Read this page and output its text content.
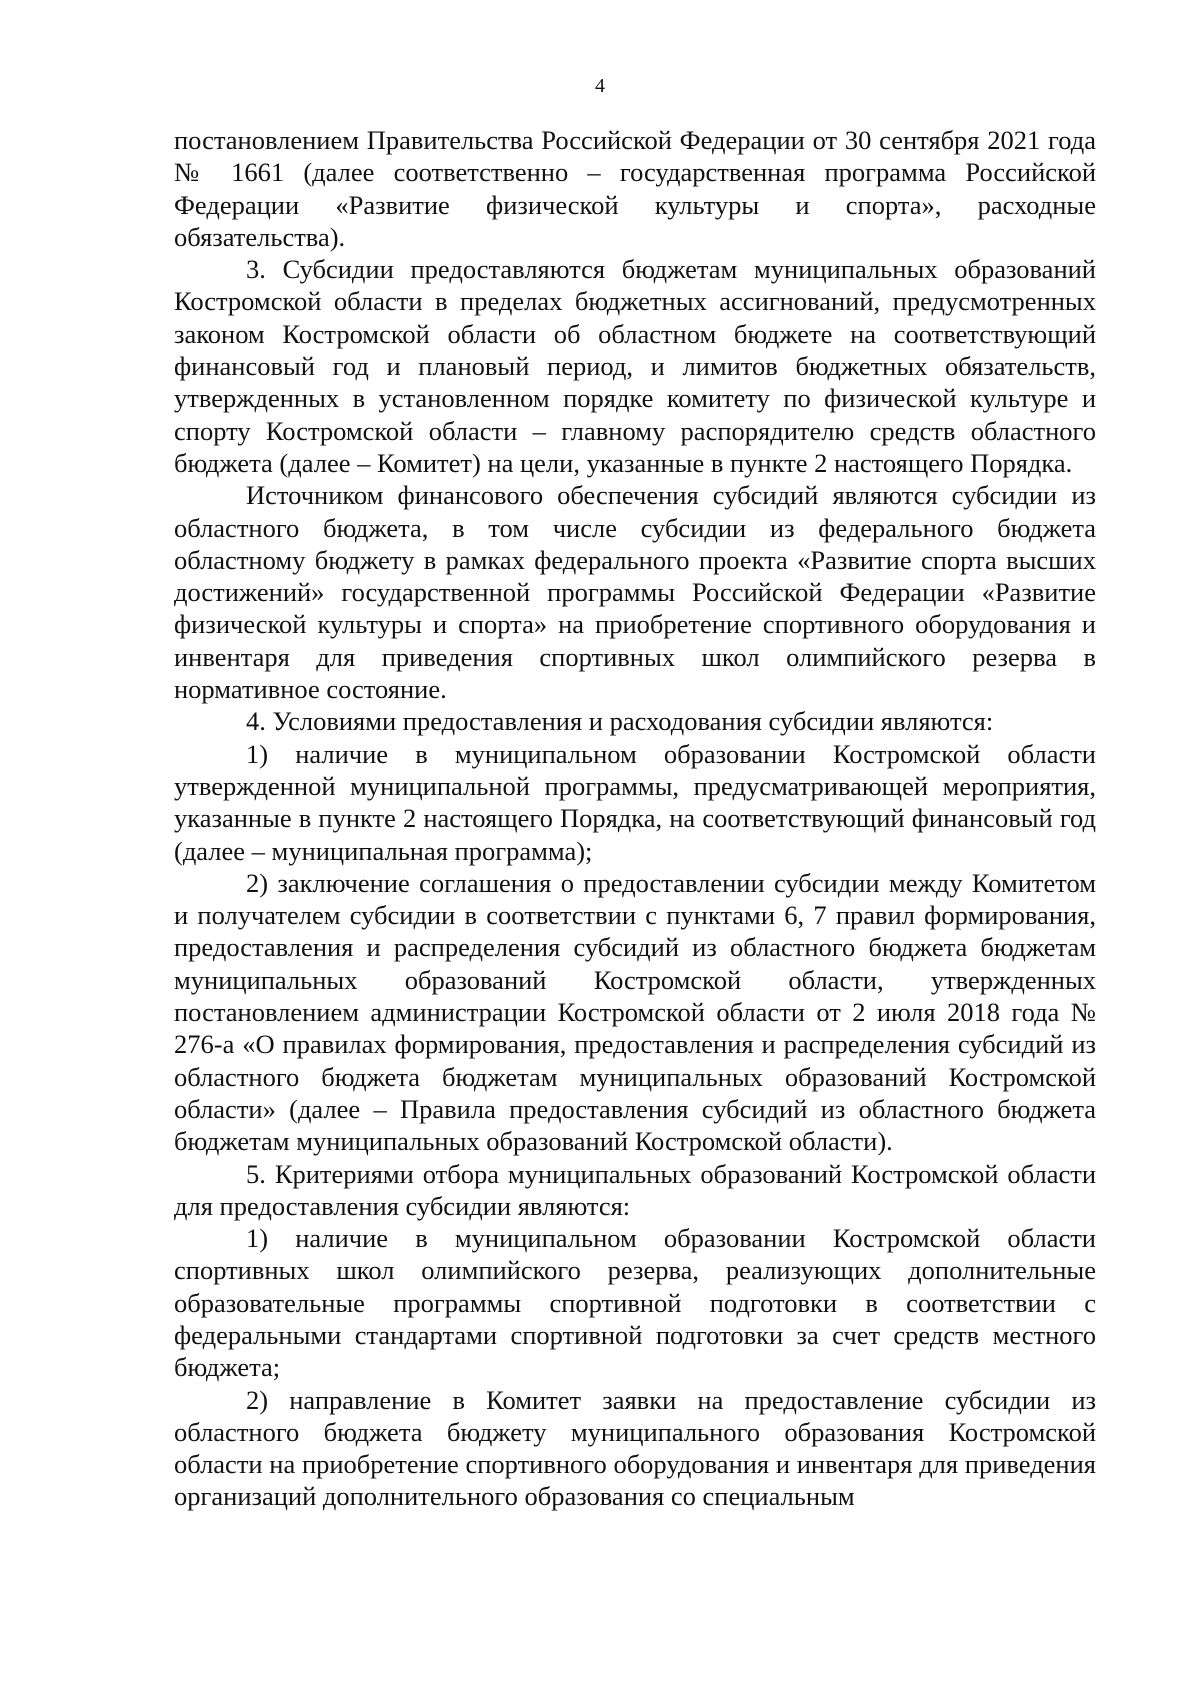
4

постановлением Правительства Российской Федерации от 30 сентября 2021 года № 1661 (далее соответственно – государственная программа Российской Федерации «Развитие физической культуры и спорта», расходные обязательства).

3. Субсидии предоставляются бюджетам муниципальных образований Костромской области в пределах бюджетных ассигнований, предусмотренных законом Костромской области об областном бюджете на соответствующий финансовый год и плановый период, и лимитов бюджетных обязательств, утвержденных в установленном порядке комитету по физической культуре и спорту Костромской области – главному распорядителю средств областного бюджета (далее – Комитет) на цели, указанные в пункте 2 настоящего Порядка.

Источником финансового обеспечения субсидий являются субсидии из областного бюджета, в том числе субсидии из федерального бюджета областному бюджету в рамках федерального проекта «Развитие спорта высших достижений» государственной программы Российской Федерации «Развитие физической культуры и спорта» на приобретение спортивного оборудования и инвентаря для приведения спортивных школ олимпийского резерва в нормативное состояние.

4. Условиями предоставления и расходования субсидии являются:

1) наличие в муниципальном образовании Костромской области утвержденной муниципальной программы, предусматривающей мероприятия, указанные в пункте 2 настоящего Порядка, на соответствующий финансовый год (далее – муниципальная программа);

2) заключение соглашения о предоставлении субсидии между Комитетом и получателем субсидии в соответствии с пунктами 6, 7 правил формирования, предоставления и распределения субсидий из областного бюджета бюджетам муниципальных образований Костромской области, утвержденных постановлением администрации Костромской области от 2 июля 2018 года № 276-а «О правилах формирования, предоставления и распределения субсидий из областного бюджета бюджетам муниципальных образований Костромской области» (далее – Правила предоставления субсидий из областного бюджета бюджетам муниципальных образований Костромской области).

5. Критериями отбора муниципальных образований Костромской области для предоставления субсидии являются:

1) наличие в муниципальном образовании Костромской области спортивных школ олимпийского резерва, реализующих дополнительные образовательные программы спортивной подготовки в соответствии с федеральными стандартами спортивной подготовки за счет средств местного бюджета;

2) направление в Комитет заявки на предоставление субсидии из областного бюджета бюджету муниципального образования Костромской области на приобретение спортивного оборудования и инвентаря для приведения организаций дополнительного образования со специальным
